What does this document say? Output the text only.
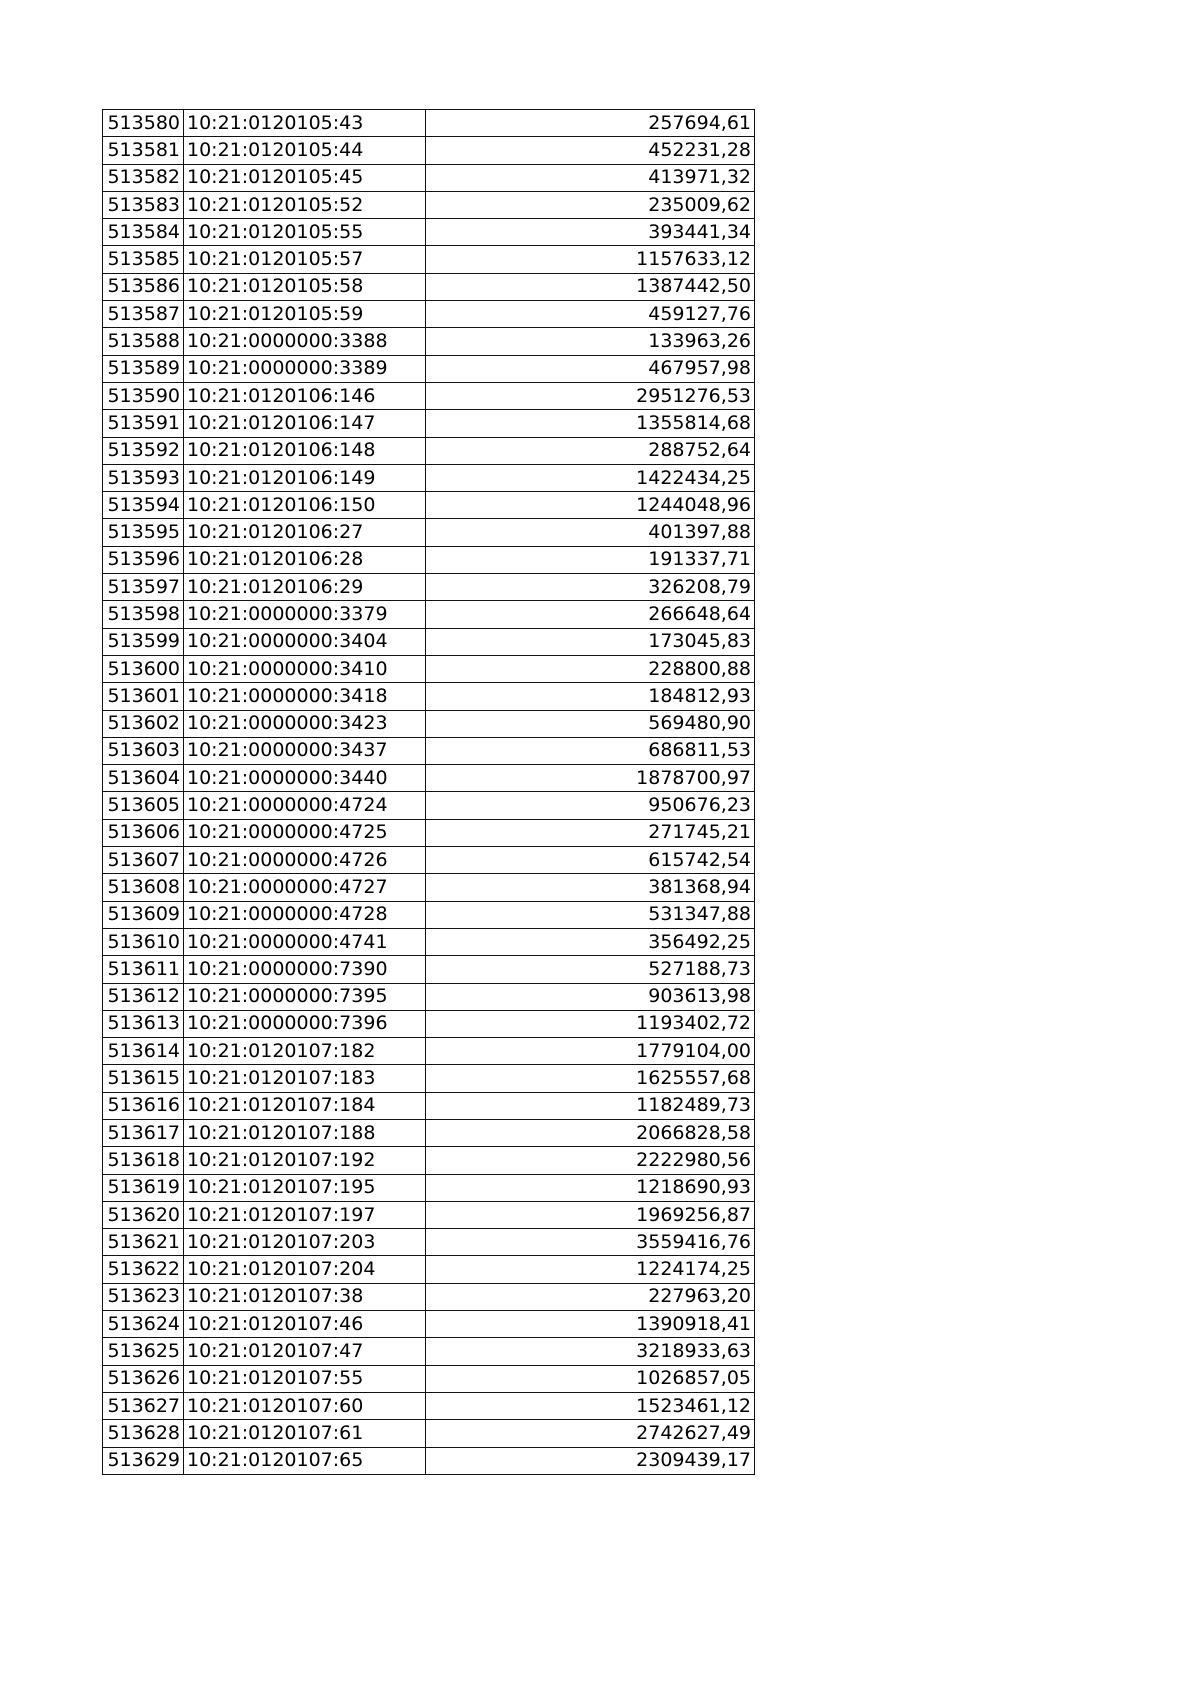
513580	10:21:0120105:43	257694,61
513581	10:21:0120105:44	452231,28
513582	10:21:0120105:45	413971,32
513583	10:21:0120105:52	235009,62
513584	10:21:0120105:55	393441,34
513585	10:21:0120105:57	1157633,12
513586	10:21:0120105:58	1387442,50
513587	10:21:0120105:59	459127,76
513588	10:21:0000000:3388	133963,26
513589	10:21:0000000:3389	467957,98
513590	10:21:0120106:146	2951276,53
513591	10:21:0120106:147	1355814,68
513592	10:21:0120106:148	288752,64
513593	10:21:0120106:149	1422434,25
513594	10:21:0120106:150	1244048,96
513595	10:21:0120106:27	401397,88
513596	10:21:0120106:28	191337,71
513597	10:21:0120106:29	326208,79
513598	10:21:0000000:3379	266648,64
513599	10:21:0000000:3404	173045,83
513600	10:21:0000000:3410	228800,88
513601	10:21:0000000:3418	184812,93
513602	10:21:0000000:3423	569480,90
513603	10:21:0000000:3437	686811,53
513604	10:21:0000000:3440	1878700,97
513605	10:21:0000000:4724	950676,23
513606	10:21:0000000:4725	271745,21
513607	10:21:0000000:4726	615742,54
513608	10:21:0000000:4727	381368,94
513609	10:21:0000000:4728	531347,88
513610	10:21:0000000:4741	356492,25
513611	10:21:0000000:7390	527188,73
513612	10:21:0000000:7395	903613,98
513613	10:21:0000000:7396	1193402,72
513614	10:21:0120107:182	1779104,00
513615	10:21:0120107:183	1625557,68
513616	10:21:0120107:184	1182489,73
513617	10:21:0120107:188	2066828,58
513618	10:21:0120107:192	2222980,56
513619	10:21:0120107:195	1218690,93
513620	10:21:0120107:197	1969256,87
513621	10:21:0120107:203	3559416,76
513622	10:21:0120107:204	1224174,25
513623	10:21:0120107:38	227963,20
513624	10:21:0120107:46	1390918,41
513625	10:21:0120107:47	3218933,63
513626	10:21:0120107:55	1026857,05
513627	10:21:0120107:60	1523461,12
513628	10:21:0120107:61	2742627,49
513629	10:21:0120107:65	2309439,17
